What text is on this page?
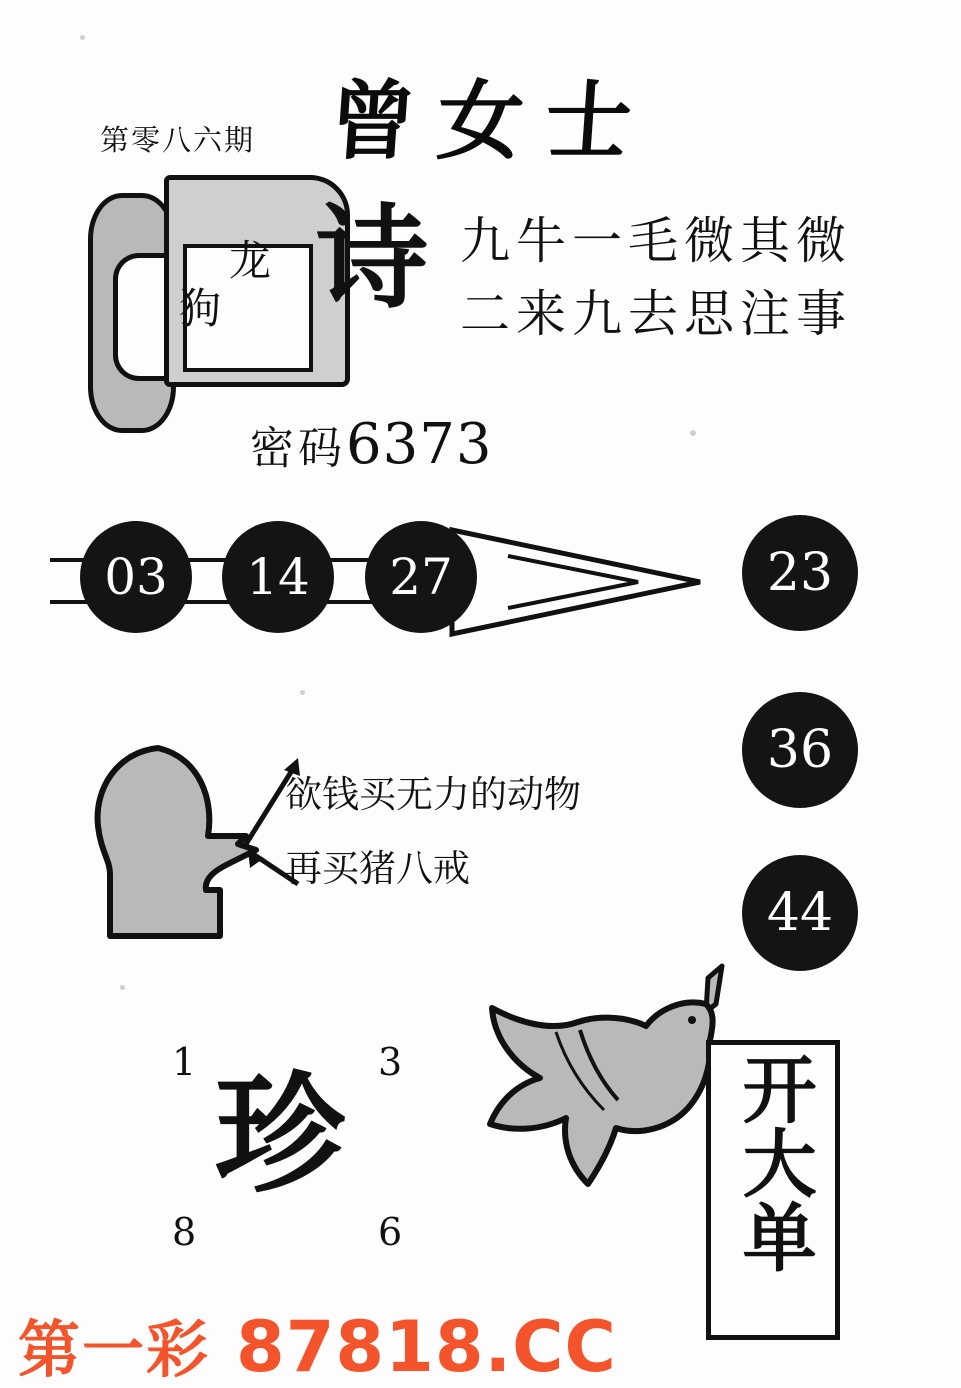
第零八六期 曾女士
龙
狗 诗 九牛一毛微其微
二来九去思注事
密码 6373
03	14	27	23
36
44
欲钱买无力的动物
再买猪八戒
1	3
8	6
珍	开大单
第一彩 87818.CC
